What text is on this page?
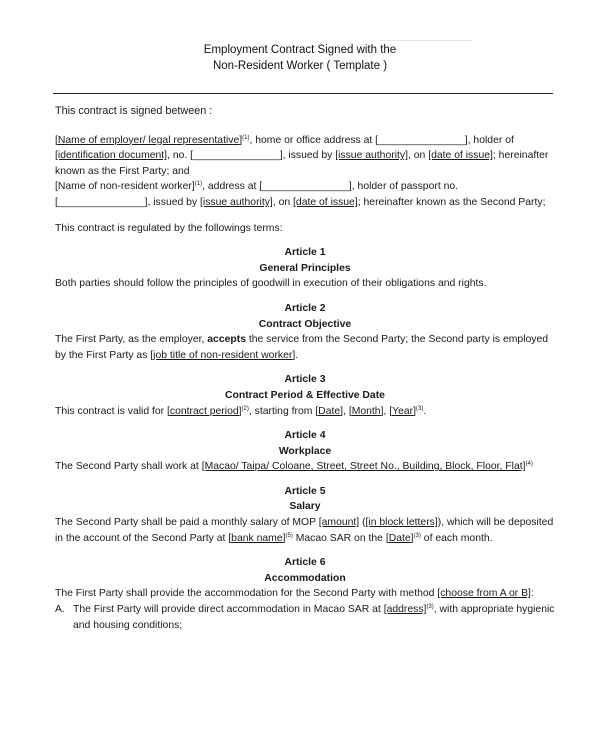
Employment Contract Signed with the
Non-Resident Worker ( Template )

This contract is signed between :

[Name of employer/ legal representative]$^{(1)}$, home or office address at [_______________], holder of [identification document], no. [_______________], issued by [issue authority], on [date of issue]; hereinafter known as the First Party; and

[Name of non-resident worker]$^{(1)}$, address at [_______________], holder of passport no. [_______________], issued by [issue authority], on [date of issue]; hereinafter known as the Second Party;

This contract is regulated by the followings terms:

Article 1

General Principles

Both parties should follow the principles of goodwill in execution of their obligations and rights.

Article 2

Contract Objective

The First Party, as the employer, accepts the service from the Second Party; the Second party is employed by the First Party as [job title of non-resident worker].

Article 3

Contract Period & Effective Date

This contract is valid for [contract period]$^{(2)}$, starting from [Date], [Month], [Year]$^{(3)}$.

Article 4

Workplace

The Second Party shall work at [Macao/ Taipa/ Coloane, Street, Street No., Building, Block, Floor, Flat]$^{(4)}$

Article 5

Salary

The Second Party shall be paid a monthly salary of MOP [amount] ([in block letters]), which will be deposited in the account of the Second Party at [bank name]$^{(5)}$ Macao SAR on the [Date]$^{(3)}$ of each month.

Article 6

Accommodation

The First Party shall provide the accommodation for the Second Party with method [choose from A or B]:

A. The First Party will provide direct accommodation in Macao SAR at [address]$^{(3)}$, with appropriate hygienic and housing conditions;
